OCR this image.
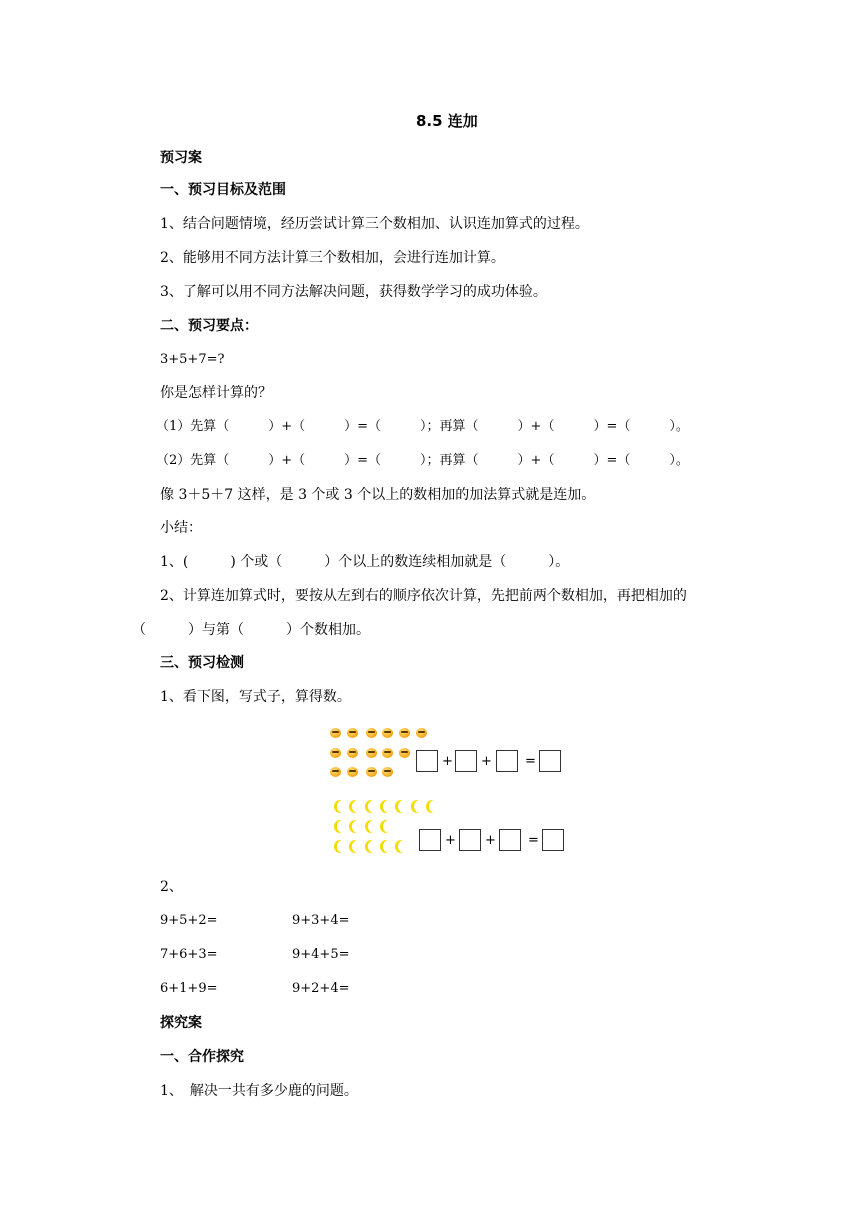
8.5 连加
预习案
一、预习目标及范围
1、结合问题情境，经历尝试计算三个数相加、认识连加算式的过程。
2、能够用不同方法计算三个数相加，会进行连加计算。
3、了解可以用不同方法解决问题，获得数学学习的成功体验。
二、预习要点：
3+5+7=?
你是怎样计算的？
（1）先算（　　　）+（　　　）=（　　　）；再算（　　　）+（　　　）=（　　　）。
（2）先算（　　　）+（　　　）=（　　　）；再算（　　　）+（　　　）=（　　　）。
像 3＋5＋7 这样，是 3 个或 3 个以上的数相加的加法算式就是连加。
小结：
1、(　　　) 个或（　　　）个以上的数连续相加就是（　　　）。
2、计算连加算式时，要按从左到右的顺序依次计算，先把前两个数相加，再把相加的
（　　　）与第（　　　）个数相加。
三、预习检测
1、看下图，写式子，算得数。
+ +	=
+ + =
2、
9+5+2=	9+3+4=
7+6+3=	9+4+5=
6+1+9=	9+2+4=
探究案
一、合作探究
1、　解决一共有多少鹿的问题。
